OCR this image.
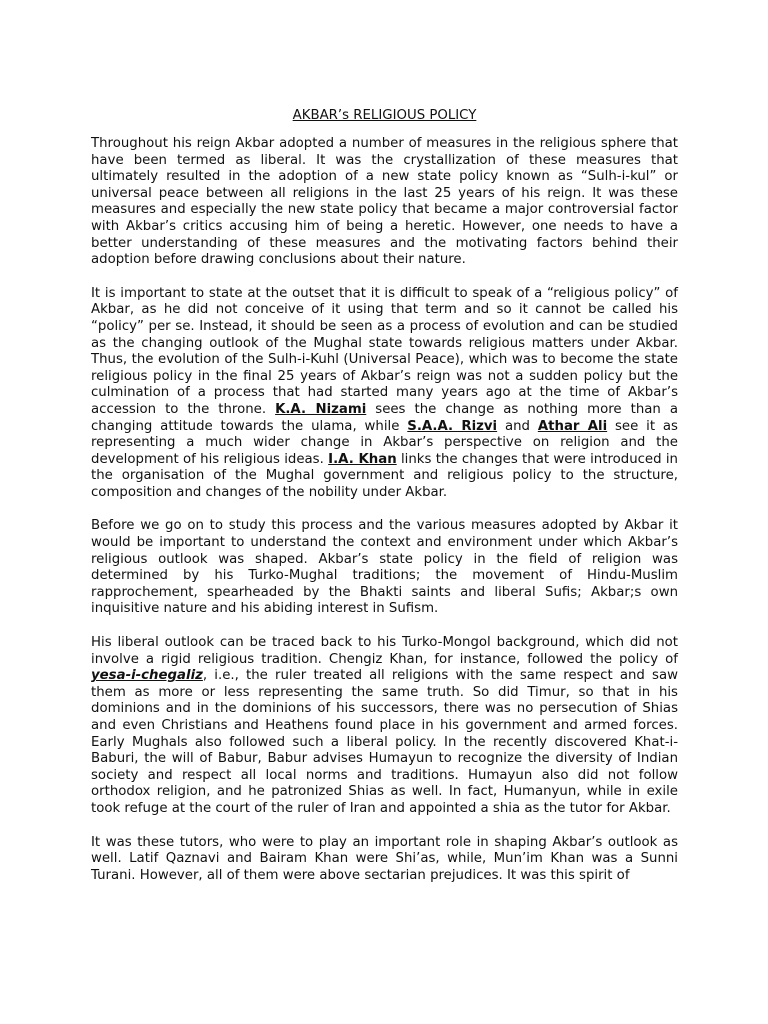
AKBAR’s RELIGIOUS POLICY

Throughout his reign Akbar adopted a number of measures in the religious sphere that have been termed as liberal. It was the crystallization of these measures that ultimately resulted in the adoption of a new state policy known as “Sulh-i-kul” or universal peace between all religions in the last 25 years of his reign. It was these measures and especially the new state policy that became a major controversial factor with Akbar’s critics accusing him of being a heretic. However, one needs to have a better understanding of these measures and the motivating factors behind their adoption before drawing conclusions about their nature.

It is important to state at the outset that it is difficult to speak of a “religious policy” of Akbar, as he did not conceive of it using that term and so it cannot be called his “policy” per se. Instead, it should be seen as a process of evolution and can be studied as the changing outlook of the Mughal state towards religious matters under Akbar. Thus, the evolution of the Sulh-i-Kuhl (Universal Peace), which was to become the state religious policy in the final 25 years of Akbar’s reign was not a sudden policy but the culmination of a process that had started many years ago at the time of Akbar’s accession to the throne. K.A. Nizami sees the change as nothing more than a changing attitude towards the ulama, while S.A.A. Rizvi and Athar Ali see it as representing a much wider change in Akbar’s perspective on religion and the development of his religious ideas. I.A. Khan links the changes that were introduced in the organisation of the Mughal government and religious policy to the structure, composition and changes of the nobility under Akbar.

Before we go on to study this process and the various measures adopted by Akbar it would be important to understand the context and environment under which Akbar’s religious outlook was shaped. Akbar’s state policy in the field of religion was determined by his Turko-Mughal traditions; the movement of Hindu-Muslim rapprochement, spearheaded by the Bhakti saints and liberal Sufis; Akbar;s own inquisitive nature and his abiding interest in Sufism.

His liberal outlook can be traced back to his Turko-Mongol background, which did not involve a rigid religious tradition. Chengiz Khan, for instance, followed the policy of yesa-i-chegaliz, i.e., the ruler treated all religions with the same respect and saw them as more or less representing the same truth. So did Timur, so that in his dominions and in the dominions of his successors, there was no persecution of Shias and even Christians and Heathens found place in his government and armed forces. Early Mughals also followed such a liberal policy. In the recently discovered Khat-i-Baburi, the will of Babur, Babur advises Humayun to recognize the diversity of Indian society and respect all local norms and traditions. Humayun also did not follow orthodox religion, and he patronized Shias as well. In fact, Humanyun, while in exile took refuge at the court of the ruler of Iran and appointed a shia as the tutor for Akbar.

It was these tutors, who were to play an important role in shaping Akbar’s outlook as well. Latif Qaznavi and Bairam Khan were Shi’as, while, Mun’im Khan was a Sunni Turani. However, all of them were above sectarian prejudices. It was this spirit of
